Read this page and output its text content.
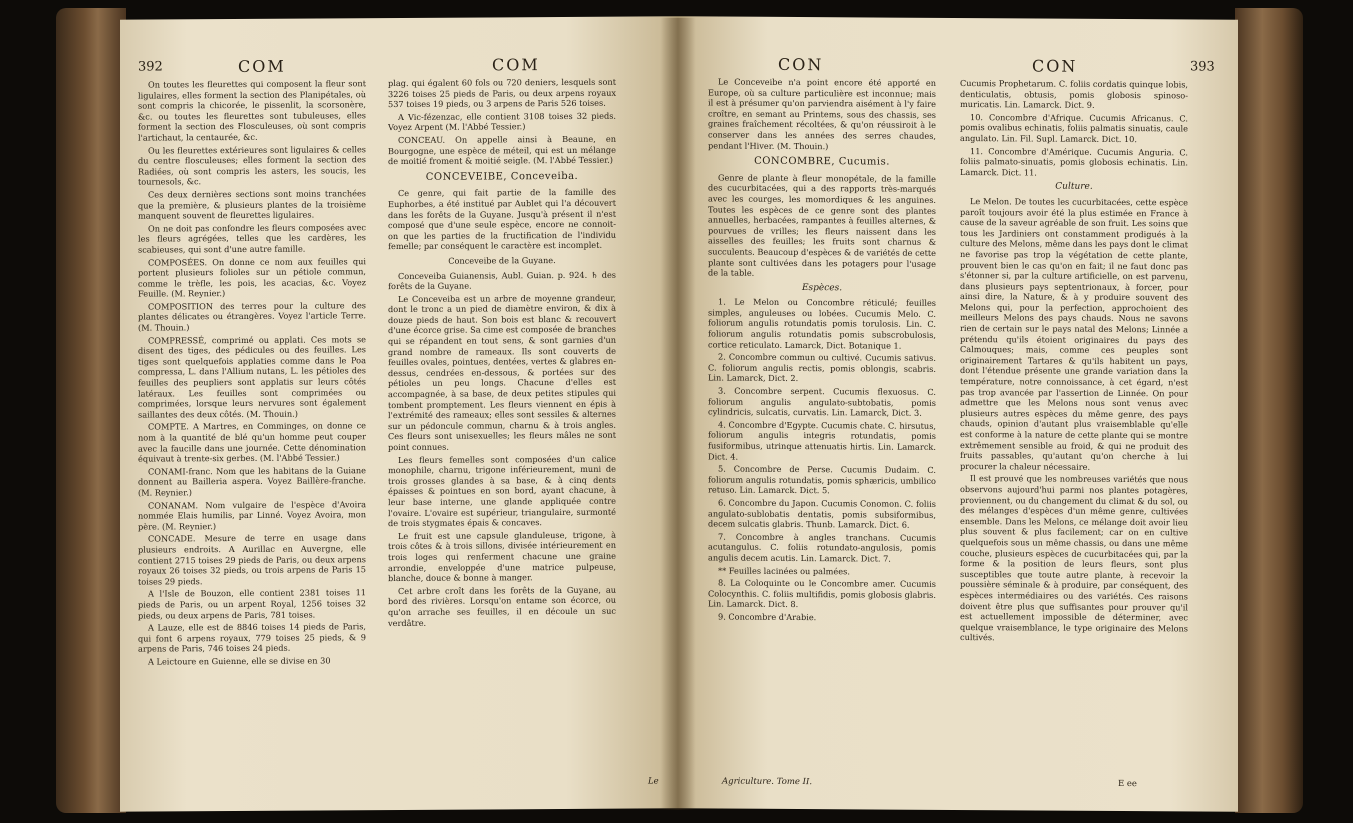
392	COM	COM

On toutes les fleurettes qui composent la fleur sont ligulaires, elles forment la section des Planipétales, où sont compris la chicorée, le pissenlit, la scorsonère, &c. ou toutes les fleurettes sont tubuleuses, elles forment la section des Flosculeuses, où sont compris l'artichaut, la centaurée, &c.

Ou les fleurettes extérieures sont ligulaires & celles du centre flosculeuses; elles forment la section des Radiées, où sont compris les asters, les soucis, les tournesols, &c.

Ces deux dernières sections sont moins tranchées que la première, & plusieurs plantes de la troisième manquent souvent de fleurettes ligulaires.

On ne doit pas confondre les fleurs composées avec les fleurs agrégées, telles que les cardères, les scabieuses, qui sont d'une autre famille.

COMPOSÉES. On donne ce nom aux feuilles qui portent plusieurs folioles sur un pétiole commun, comme le trèfle, les pois, les acacias, &c. Voyez Feuille. (M. Reynier.)

COMPOSITION des terres pour la culture des plantes délicates ou étrangères. Voyez l'article Terre. (M. Thouin.)

COMPRESSÉ, comprimé ou applati. Ces mots se disent des tiges, des pédicules ou des feuilles. Les tiges sont quelquefois applaties comme dans le Poa compressa, L. dans l'Allium nutans, L. les pétioles des feuilles des peupliers sont applatis sur leurs côtés latéraux. Les feuilles sont comprimées ou comprimées, lorsque leurs nervures sont également saillantes des deux côtés. (M. Thouin.)

COMPTE. A Martres, en Comminges, on donne ce nom à la quantité de blé qu'un homme peut couper avec la faucille dans une journée. Cette dénomination équivaut à trente-six gerbes. (M. l'Abbé Tessier.)

CONAMI-franc. Nom que les habitans de la Guiane donnent au Bailleria aspera. Voyez Baillère-franche. (M. Reynier.)

CONANAM. Nom vulgaire de l'espèce d'Avoira nommée Elais humilis, par Linné. Voyez Avoira, mon père. (M. Reynier.)

CONCADE. Mesure de terre en usage dans plusieurs endroits. A Aurillac en Auvergne, elle contient 2715 toises 29 pieds de Paris, ou deux arpens royaux 26 toises 32 pieds, ou trois arpens de Paris 15 toises 29 pieds.

A l'Isle de Bouzon, elle contient 2381 toises 11 pieds de Paris, ou un arpent Royal, 1256 toises 32 pieds, ou deux arpens de Paris, 781 toises.

A Lauze, elle est de 8846 toises 14 pieds de Paris, qui font 6 arpens royaux, 779 toises 25 pieds, & 9 arpens de Paris, 746 toises 24 pieds.

A Leictoure en Guienne, elle se divise en 30

plag. qui égalent 60 fols ou 720 deniers, lesquels sont 3226 toises 25 pieds de Paris, ou deux arpens royaux 537 toises 19 pieds, ou 3 arpens de Paris 526 toises.

A Vic-fézenzac, elle contient 3108 toises 32 pieds. Voyez Arpent (M. l'Abbé Tessier.)

CONCEAU. On appelle ainsi à Beaune, en Bourgogne, une espèce de méteil, qui est un mélange de moitié froment & moitié seigle. (M. l'Abbé Tessier.)

CONCEVEIBE, Conceveiba.

Ce genre, qui fait partie de la famille des Euphorbes, a été institué par Aublet qui l'a découvert dans les forêts de la Guyane. Jusqu'à présent il n'est composé que d'une seule espèce, encore ne connoit-on que les parties de la fructification de l'individu femelle; par conséquent le caractère est incomplet.

Conceveibe de la Guyane.

Conceveiba Guianensis, Aubl. Guian. p. 924. ♄ des forêts de la Guyane.

Le Conceveiba est un arbre de moyenne grandeur, dont le tronc a un pied de diamètre environ, & dix à douze pieds de haut. Son bois est blanc & recouvert d'une écorce grise. Sa cime est composée de branches qui se répandent en tout sens, & sont garnies d'un grand nombre de rameaux. Ils sont couverts de feuilles ovales, pointues, dentées, vertes & glabres en-dessus, cendrées en-dessous, & portées sur des pétioles un peu longs. Chacune d'elles est accompagnée, à sa base, de deux petites stipules qui tombent promptement. Les fleurs viennent en épis à l'extrémité des rameaux; elles sont sessiles & alternes sur un pédoncule commun, charnu & à trois angles. Ces fleurs sont unisexuelles; les fleurs mâles ne sont point connues.

Les fleurs femelles sont composées d'un calice monophile, charnu, trigone inférieurement, muni de trois grosses glandes à sa base, & à cinq dents épaisses & pointues en son bord, ayant chacune, à leur base interne, une glande appliquée contre l'ovaire. L'ovaire est supérieur, triangulaire, surmonté de trois stygmates épais & concaves.

Le fruit est une capsule glanduleuse, trigone, à trois côtes & à trois sillons, divisée intérieurement en trois loges qui renferment chacune une graine arrondie, enveloppée d'une matrice pulpeuse, blanche, douce & bonne à manger.

Cet arbre croît dans les forêts de la Guyane, au bord des rivières. Lorsqu'on entame son écorce, ou qu'on arrache ses feuilles, il en découle un suc verdâtre.

Le
CON	CON	393

Le Conceveibe n'a point encore été apporté en Europe, où sa culture particulière est inconnue; mais il est à présumer qu'on parviendra aisément à l'y faire croître, en semant au Printems, sous des chassis, ses graines fraîchement récoltées, & qu'on réussiroit à le conserver dans les années des serres chaudes, pendant l'Hiver. (M. Thouin.)

CONCOMBRE, Cucumis.

Genre de plante à fleur monopétale, de la famille des cucurbitacées, qui a des rapports très-marqués avec les courges, les momordiques & les anguines. Toutes les espèces de ce genre sont des plantes annuelles, herbacées, rampantes à feuilles alternes, & pourvues de vrilles; les fleurs naissent dans les aisselles des feuilles; les fruits sont charnus & succulents. Beaucoup d'espèces & de variétés de cette plante sont cultivées dans les potagers pour l'usage de la table.

Espèces.

1. Le Melon ou Concombre réticulé; feuilles simples, anguleuses ou lobées. Cucumis Melo. C. foliorum angulis rotundatis pomis torulosis. Lin. C. foliorum angulis rotundatis pomis subscrobulosis, cortice reticulato. Lamarck, Dict. Botanique 1.

2. Concombre commun ou cultivé. Cucumis sativus. C. foliorum angulis rectis, pomis oblongis, scabris. Lin. Lamarck, Dict. 2.

3. Concombre serpent. Cucumis flexuosus. C. foliorum angulis angulato-subtobatis, pomis cylindricis, sulcatis, curvatis. Lin. Lamarck, Dict. 3.

4. Concombre d'Egypte. Cucumis chate. C. hirsutus, foliorum angulis integris rotundatis, pomis fusiformibus, utrinque attenuatis hirtis. Lin. Lamarck. Dict. 4.

5. Concombre de Perse. Cucumis Dudaim. C. foliorum angulis rotundatis, pomis sphæricis, umbilico retuso. Lin. Lamarck. Dict. 5.

6. Concombre du Japon. Cucumis Conomon. C. foliis angulato-sublobatis dentatis, pomis subsiformibus, decem sulcatis glabris. Thunb. Lamarck. Dict. 6.

7. Concombre à angles tranchans. Cucumis acutangulus. C. foliis rotundato-angulosis, pomis angulis decem acutis. Lin. Lamarck. Dict. 7.

** Feuilles lacinées ou palmées.

8. La Coloquinte ou le Concombre amer. Cucumis Colocynthis. C. foliis multifidis, pomis globosis glabris. Lin. Lamarck. Dict. 8.

9. Concombre d'Arabie.

Cucumis Prophetarum. C. foliis cordatis quinque lobis, denticulatis, obtusis, pomis globosis spinoso-muricatis. Lin. Lamarck. Dict. 9.

10. Concombre d'Afrique. Cucumis Africanus. C. pomis ovalibus echinatis, foliis palmatis sinuatis, caule angulato. Lin. Fil. Supl. Lamarck. Dict. 10.

11. Concombre d'Amérique. Cucumis Anguria. C. foliis palmato-sinuatis, pomis globosis echinatis. Lin. Lamarck. Dict. 11.

Culture.

Le Melon. De toutes les cucurbitacées, cette espèce paroît toujours avoir été la plus estimée en France à cause de la saveur agréable de son fruit. Les soins que tous les Jardiniers ont constamment prodigués à la culture des Melons, même dans les pays dont le climat ne favorise pas trop la végétation de cette plante, prouvent bien le cas qu'on en fait; il ne faut donc pas s'étonner si, par la culture artificielle, on est parvenu, dans plusieurs pays septentrionaux, à forcer, pour ainsi dire, la Nature, & à y produire souvent des Melons qui, pour la perfection, approchoient des meilleurs Melons des pays chauds. Nous ne savons rien de certain sur le pays natal des Melons; Linnée a prétendu qu'ils étoient originaires du pays des Calmouques; mais, comme ces peuples sont originairement Tartares & qu'ils habitent un pays, dont l'étendue présente une grande variation dans la température, notre connoissance, à cet égard, n'est pas trop avancée par l'assertion de Linnée. On pour admettre que les Melons nous sont venus avec plusieurs autres espèces du même genre, des pays chauds, opinion d'autant plus vraisemblable qu'elle est conforme à la nature de cette plante qui se montre extrêmement sensible au froid, & qui ne produit des fruits passables, qu'autant qu'on cherche à lui procurer la chaleur nécessaire.

Il est prouvé que les nombreuses variétés que nous observons aujourd'hui parmi nos plantes potagères, proviennent, ou du changement du climat & du sol, ou des mélanges d'espèces d'un même genre, cultivées ensemble. Dans les Melons, ce mélange doit avoir lieu plus souvent & plus facilement; car on en cultive quelquefois sous un même chassis, ou dans une même couche, plusieurs espèces de cucurbitacées qui, par la forme & la position de leurs fleurs, sont plus susceptibles que toute autre plante, à recevoir la poussière séminale & à produire, par conséquent, des espèces intermédiaires ou des variétés. Ces raisons doivent être plus que suffisantes pour prouver qu'il est actuellement impossible de déterminer, avec quelque vraisemblance, le type originaire des Melons cultivés.

Agriculture. Tome II.	E ee
